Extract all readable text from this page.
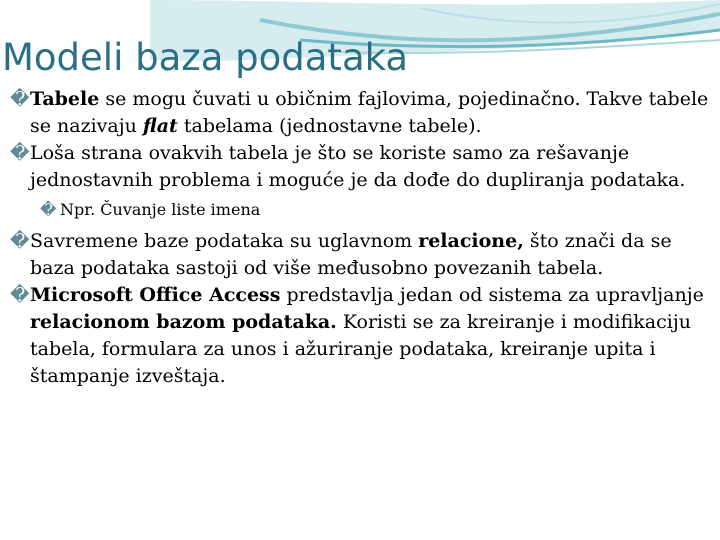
Modeli baza podataka

�Tabele se mogu čuvati u običnim fajlovima, pojedinačno. Takve tabele se nazivaju flat tabelama (jednostavne tabele).

�Loša strana ovakvih tabela je što se koriste samo za rešavanje jednostavnih problema i moguće je da dođe do dupliranja podataka.

� Npr. Čuvanje liste imena

�Savremene baze podataka su uglavnom relacione, što znači da se baza podataka sastoji od više međusobno povezanih tabela.

�Microsoft Office Access predstavlja jedan od sistema za upravljanje relacionom bazom podataka. Koristi se za kreiranje i modifikaciju tabela, formulara za unos i ažuriranje podataka, kreiranje upita i štampanje izveštaja.
